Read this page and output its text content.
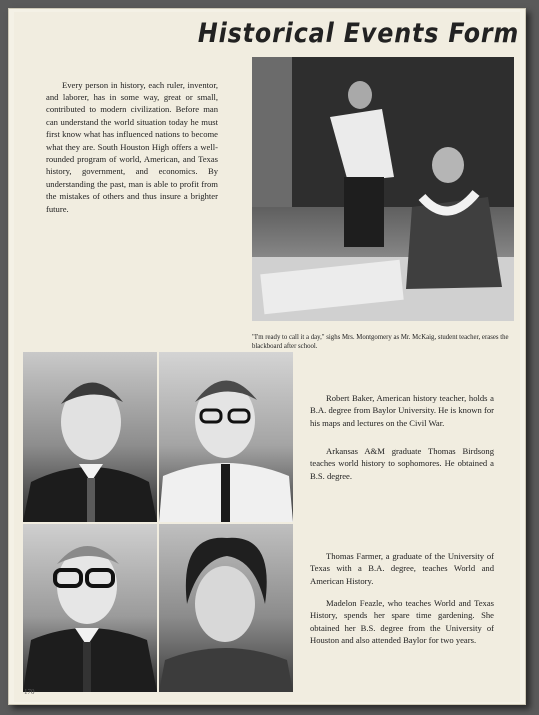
Historical Events Form

Every person in history, each ruler, inventor, and laborer, has in some way, great or small, contributed to modern civilization. Before man can understand the world situation today he must first know what has influenced nations to become what they are. South Houston High offers a well-rounded program of world, American, and Texas history, government, and economics. By understanding the past, man is able to profit from the mistakes of others and thus insure a brighter future.

"I'm ready to call it a day," sighs Mrs. Montgomery as Mr. McKaig, student teacher, erases the blackboard after school.

Robert Baker, American history teacher, holds a B.A. degree from Baylor University. He is known for his maps and lectures on the Civil War.

Arkansas A&M graduate Thomas Birdsong teaches world history to sophomores. He obtained a B.S. degree.

Thomas Farmer, a graduate of the University of Texas with a B.A. degree, teaches World and American History.

Madelon Feazle, who teaches World and Texas History, spends her spare time gardening. She obtained her B.S. degree from the University of Houston and also attended Baylor for two years.

170
